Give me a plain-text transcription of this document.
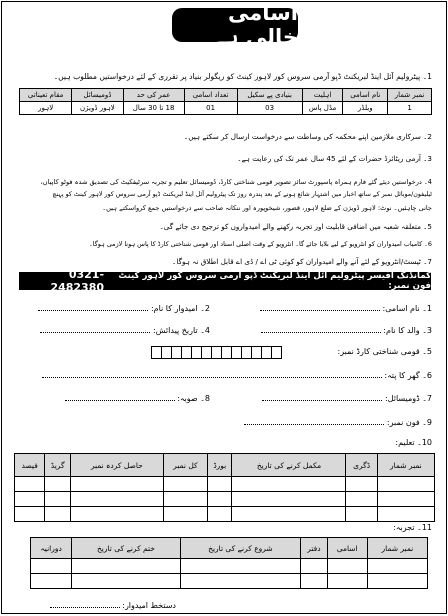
اسامی خالی ہے
1۔ پیٹرولیم آئل اینڈ لبریکنٹ ڈپو آرمی سروس کور لاہور کینٹ کو ریگولر بنیاد پر تقرری کے لئے درخواستیں مطلوب ہیں۔
نمبر شمار	نام اسامی	اہلیت	بنیادی پے سکیل	تعداد اسامی	عمر کی حد	ڈومیسائل	مقام تعیناتی
1	ویلڈر	مڈل پاس	03	01	18 تا 30 سال	لاہور ڈویژن	لاہور
2۔ سرکاری ملازمین اپنے محکمہ کی وساطت سے درخواست ارسال کر سکتے ہیں۔
3۔ آرمی ریٹائرڈ حضرات کے لئے 45 سال عمر تک کی رعایت ہے۔
4۔ درخواستیں دیئے گئے فارم ہمراہ پاسپورٹ سائز تصویر قومی شناختی کارڈ، ڈومیسائل تعلیم و تجربہ سرٹیفکیٹ کی تصدیق شدہ فوٹو کاپیاں،
ٹیلیفون/موبائل نمبر کے ساتھ اخبار میں اشتہار شائع ہونے کے بعد پندرہ روز تک پیٹرولیم آئل اینڈ لبریکنٹ ڈپو آرمی سروس کور لاہور کینٹ کو پہنچ
جانی چاہئیں۔ نوٹ: لاہور ڈویژن کے ضلع لاہور، قصور، شیخوپورہ اور ننکانہ صاحب سے درخواستیں جمع کرواسکتے ہیں۔
5۔ متعلقہ شعبہ میں اضافی قابلیت اور تجربہ رکھنے والے امیدواروں کو ترجیح دی جائے گی۔
6۔ کامیاب امیدواران کو انٹرویو کے لیے بلایا جائے گا۔ انٹرویو کے وقت اصلی اسناد اور قومی شناختی کارڈ کا پاس ہونا لازمی ہوگا۔
7۔ ٹیسٹ/انٹرویو کے لئے آنے والے امیدواران کو کوئی ٹی اے / ڈی اے قابل اطلاق نہ ہوگا۔
کمانڈنگ آفیسر پیٹرولیم آئل اینڈ لبریکنٹ ڈپو آرمی سروس کور لاہور کینٹ فون نمبر:
0321-2482380
1۔ نام اسامی:
2۔ امیدوار کا نام:
3۔ والد کا نام:
4۔ تاریخ پیدائش:
5۔ قومی شناختی کارڈ نمبر:
6۔ گھر کا پتہ:
7۔ ڈومیسائل:
8۔ صوبہ:
9۔ فون نمبر:
10۔ تعلیم:
نمبر شمار	ڈگری	مکمل کرنے کی تاریخ	بورڈ	کل نمبر	حاصل کردہ نمبر	گریڈ	فیصد

11۔ تجربہ:
نمبر شمار	اسامی	دفتر	شروع کرنے کی تاریخ	ختم کرنے کی تاریخ	دورانیہ

دستخط امیدوار:
